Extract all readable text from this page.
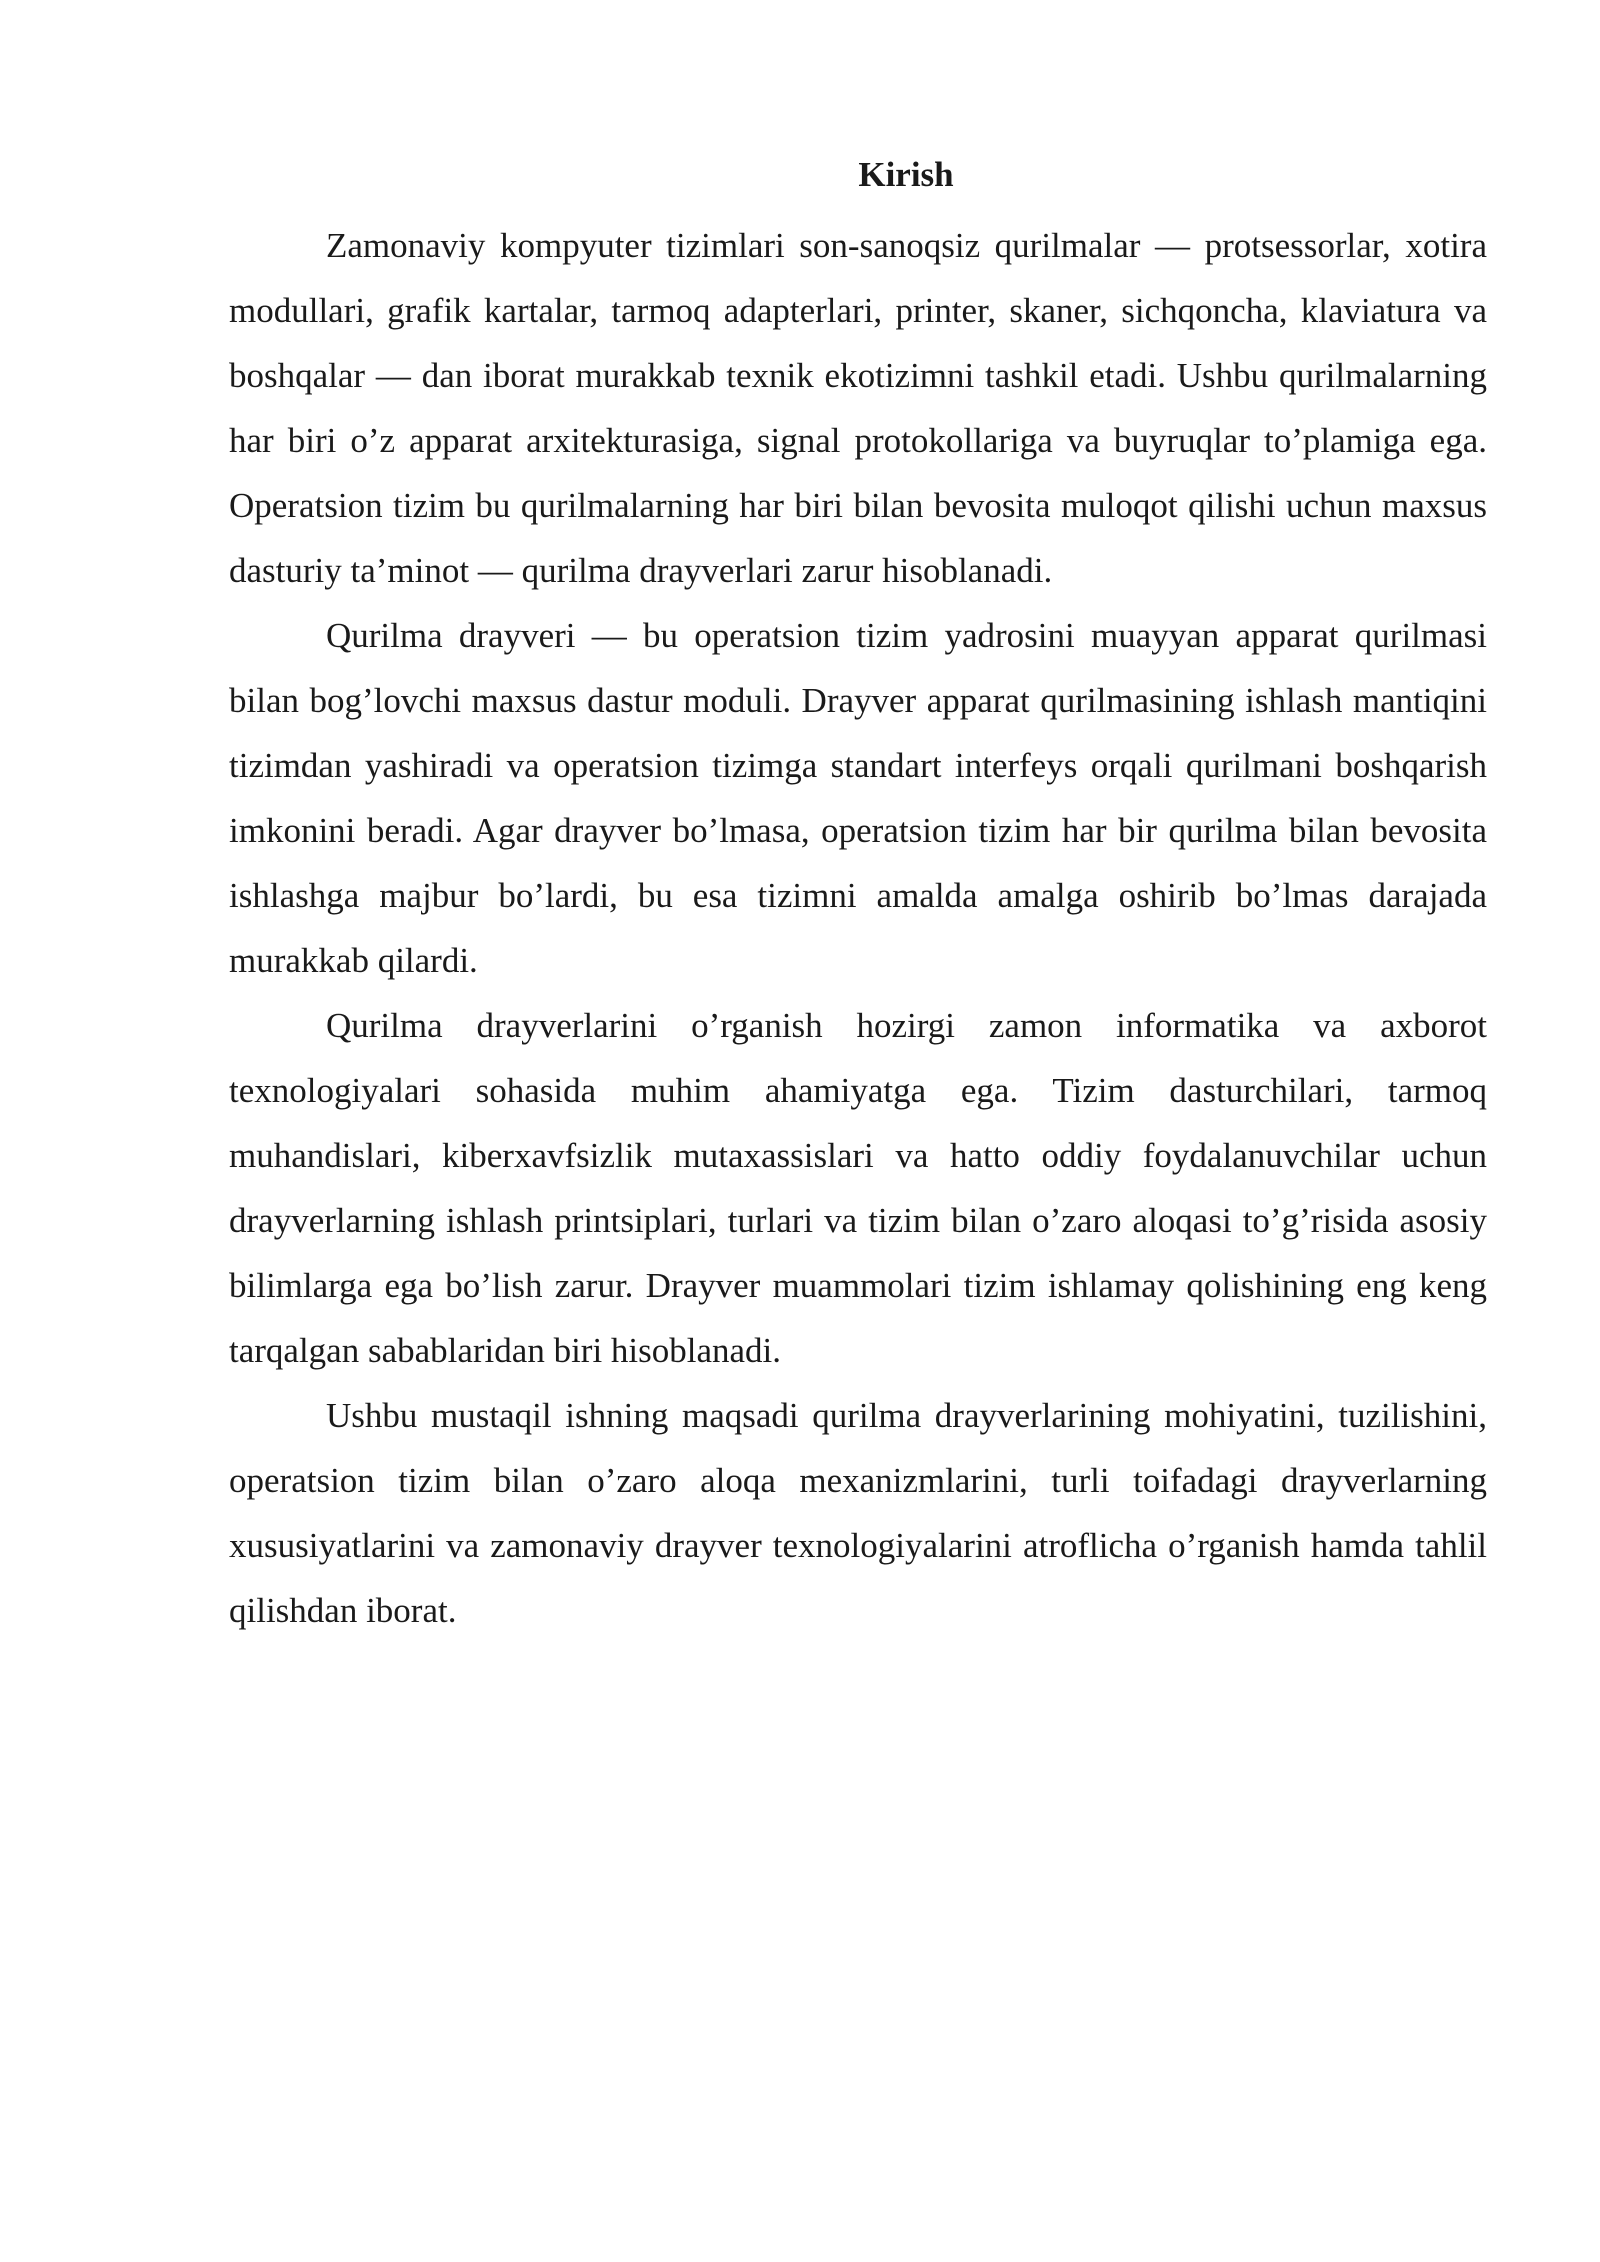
Kirish

Zamonaviy kompyuter tizimlari son-sanoqsiz qurilmalar — protsessorlar, xotira modullari, grafik kartalar, tarmoq adapterlari, printer, skaner, sichqoncha, klaviatura va boshqalar — dan iborat murakkab texnik ekotizimni tashkil etadi. Ushbu qurilmalarning har biri o’z apparat arxitekturasiga, signal protokollariga va buyruqlar to’plamiga ega. Operatsion tizim bu qurilmalarning har biri bilan bevosita muloqot qilishi uchun maxsus dasturiy ta’minot — qurilma drayverlari zarur hisoblanadi.

Qurilma drayveri — bu operatsion tizim yadrosini muayyan apparat qurilmasi bilan bog’lovchi maxsus dastur moduli. Drayver apparat qurilmasining ishlash mantiqini tizimdan yashiradi va operatsion tizimga standart interfeys orqali qurilmani boshqarish imkonini beradi. Agar drayver bo’lmasa, operatsion tizim har bir qurilma bilan bevosita ishlashga majbur bo’lardi, bu esa tizimni amalda amalga oshirib bo’lmas darajada murakkab qilardi.

Qurilma drayverlarini o’rganish hozirgi zamon informatika va axborot texnologiyalari sohasida muhim ahamiyatga ega. Tizim dasturchilari, tarmoq muhandislari, kiberxavfsizlik mutaxassislari va hatto oddiy foydalanuvchilar uchun drayverlarning ishlash printsiplari, turlari va tizim bilan o’zaro aloqasi to’g’risida asosiy bilimlarga ega bo’lish zarur. Drayver muammolari tizim ishlamay qolishining eng keng tarqalgan sabablaridan biri hisoblanadi.

Ushbu mustaqil ishning maqsadi qurilma drayverlarining mohiyatini, tuzilishini, operatsion tizim bilan o’zaro aloqa mexanizmlarini, turli toifadagi drayverlarning xususiyatlarini va zamonaviy drayver texnologiyalarini atroflicha o’rganish hamda tahlil qilishdan iborat.
